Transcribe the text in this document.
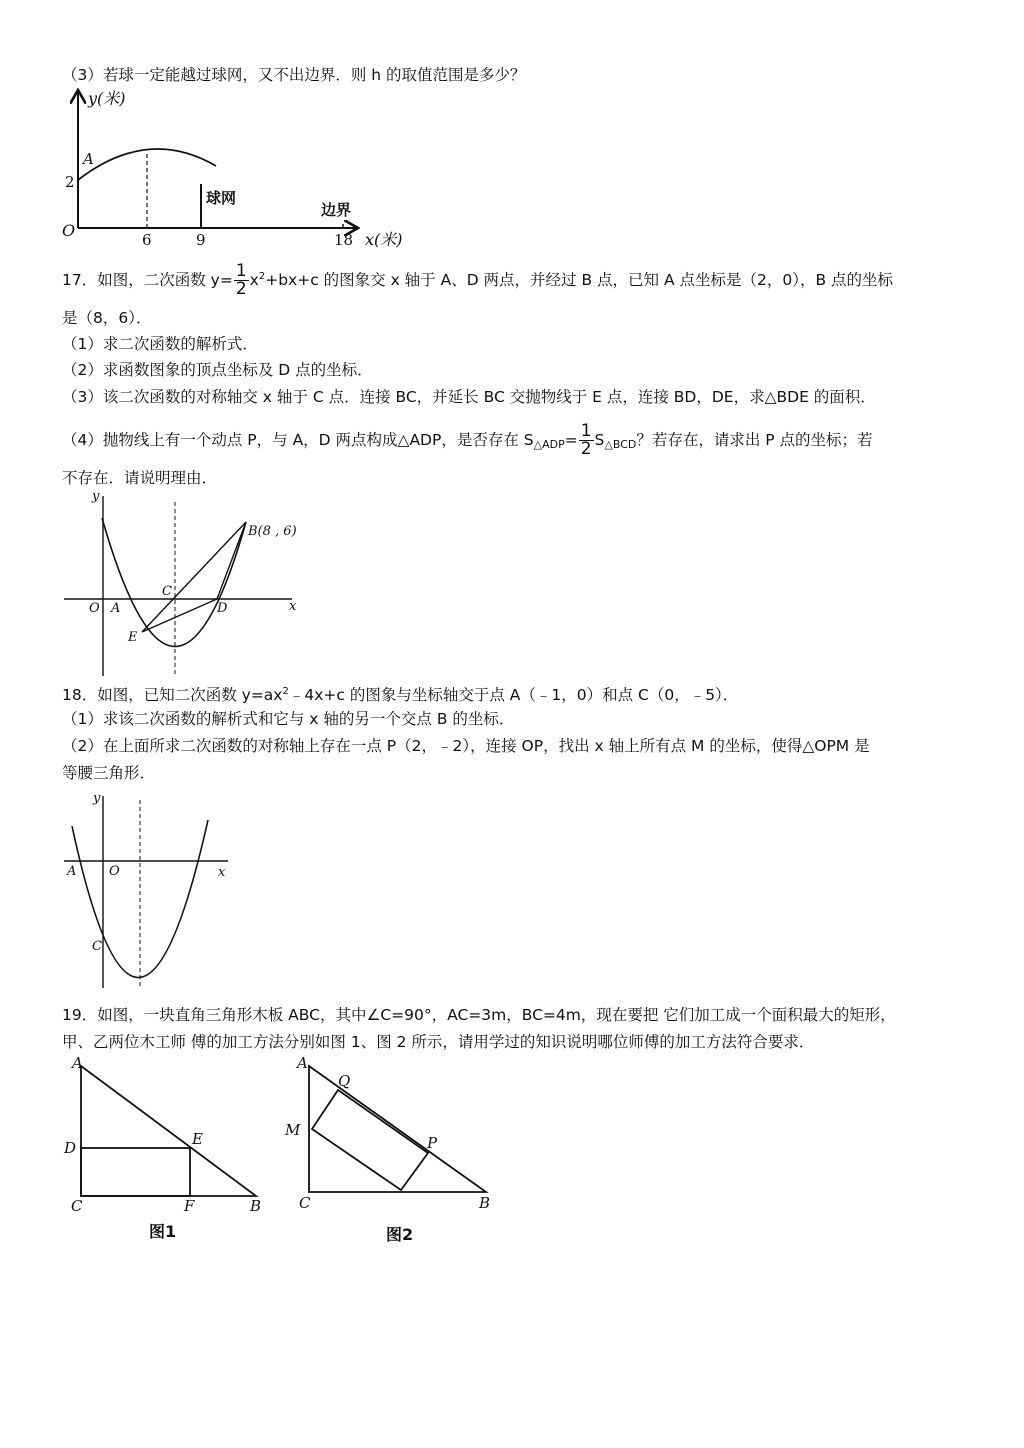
（3）若球一定能越过球网，又不出边界．则 h 的取值范围是多少？
y(米)
A
2
O	6	9	18
球网
边界
x(米)
17．如图，二次函数 $y= \frac{1}{2} x^2+bx+c$ 的图象交 x 轴于 A、D 两点，并经过 B 点，已知 A 点坐标是（2，0），B 点的坐标
是（8，6）．
（1）求二次函数的解析式．
（2）求函数图象的顶点坐标及 D 点的坐标．
（3）该二次函数的对称轴交 x 轴于 C 点．连接 BC，并延长 BC 交抛物线于 E 点，连接 BD，DE，求△BDE 的面积．
（4）抛物线上有一个动点 P，与 A，D 两点构成△ADP，是否存在 $S_{\triangle ADP}= \frac{1}{2} S_{\triangle BCD}$？若存在，请求出 P 点的坐标；若
不存在．请说明理由．
y
x
O A
C
D
E
B(8 , 6)
18．如图，已知二次函数 $y=ax^2﹣4x+c$ 的图象与坐标轴交于点 A（﹣1，0）和点 C（0，﹣5）．
（1）求该二次函数的解析式和它与 x 轴的另一个交点 B 的坐标．
（2）在上面所求二次函数的对称轴上存在一点 P（2，﹣2），连接 OP，找出 x 轴上所有点 M 的坐标，使得△OPM 是
等腰三角形．
y
x
O
A
C
19．如图，一块直角三角形木板 ABC，其中∠C=90°，AC=3m，BC=4m，现在要把 它们加工成一个面积最大的矩形，
甲、乙两位木工师 傅的加工方法分别如图 1、图 2 所示，请用学过的知识说明哪位师傅的加工方法符合要求．
A
D	E
C	F	B
图1
A
Q
M
P
C	B
图2
